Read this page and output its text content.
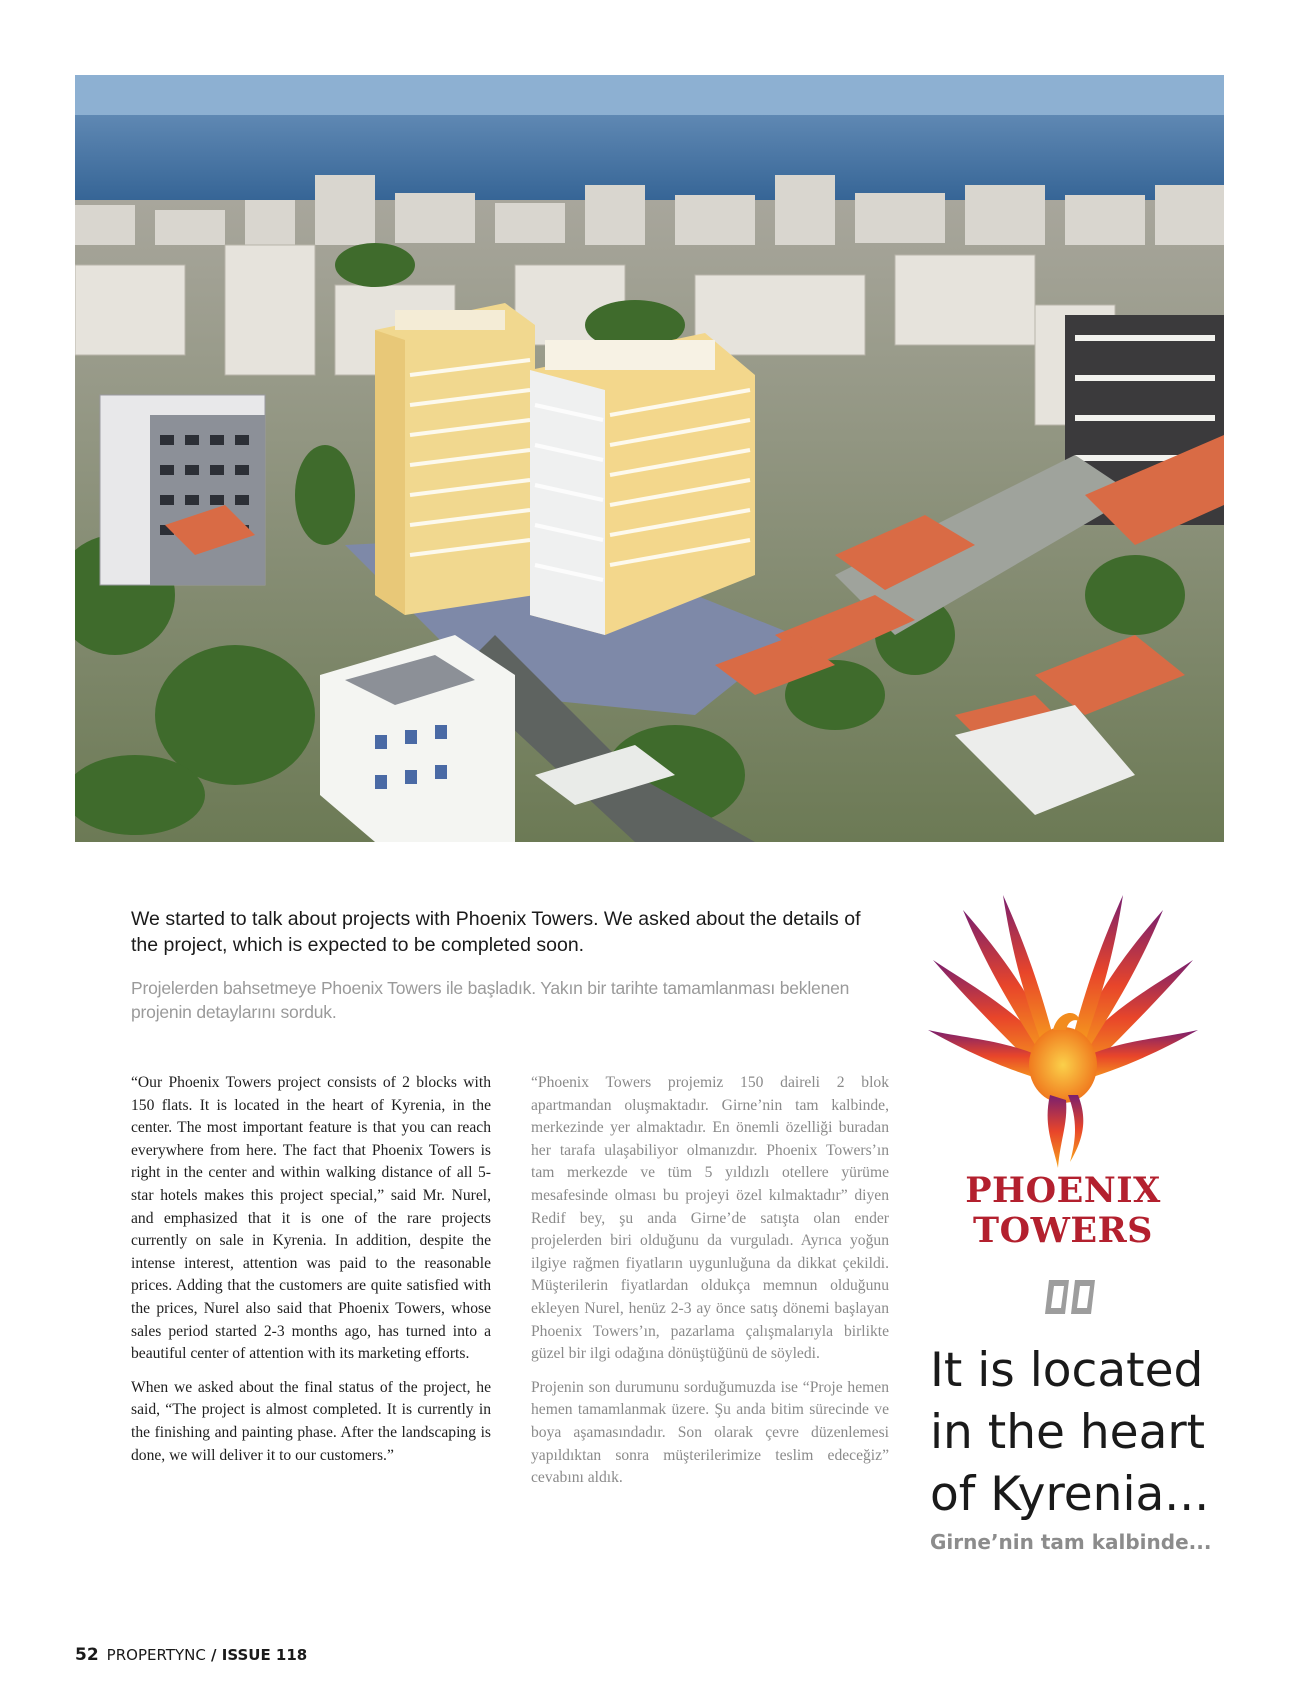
We started to talk about projects with Phoenix Towers. We asked about the details of the project, which is expected to be completed soon.

Projelerden bahsetmeye Phoenix Towers ile başladık. Yakın bir tarihte tamamlanması beklenen projenin detaylarını sorduk.

“Our Phoenix Towers project consists of 2 blocks with 150 flats. It is located in the heart of Kyrenia, in the center. The most important feature is that you can reach everywhere from here. The fact that Phoenix Towers is right in the center and within walking distance of all 5-star hotels makes this project special,” said Mr. Nurel, and emphasized that it is one of the rare projects currently on sale in Kyrenia. In addition, despite the intense interest, attention was paid to the reasonable prices. Adding that the customers are quite satisfied with the prices, Nurel also said that Phoenix Towers, whose sales period started 2-3 months ago, has turned into a beautiful center of attention with its marketing efforts.

When we asked about the final status of the project, he said, “The project is almost completed. It is currently in the finishing and painting phase. After the landscaping is done, we will deliver it to our customers.”

“Phoenix Towers projemiz 150 daireli 2 blok apartmandan oluşmaktadır. Girne’nin tam kalbinde, merkezinde yer almaktadır. En önemli özelliği buradan her tarafa ulaşabiliyor olmanızdır. Phoenix Towers’ın tam merkezde ve tüm 5 yıldızlı otellere yürüme mesafesinde olması bu projeyi özel kılmaktadır” diyen Redif bey, şu anda Girne’de satışta olan ender projelerden biri olduğunu da vurguladı. Ayrıca yoğun ilgiye rağmen fiyatların uygunluğuna da dikkat çekildi. Müşterilerin fiyatlardan oldukça memnun olduğunu ekleyen Nurel, henüz 2-3 ay önce satış dönemi başlayan Phoenix Towers’ın, pazarlama çalışmalarıyla birlikte güzel bir ilgi odağına dönüştüğünü de söyledi.

Projenin son durumunu sorduğumuzda ise “Proje hemen hemen tamamlanmak üzere. Şu anda bitim sürecinde ve boya aşamasındadır. Son olarak çevre düzenlemesi yapıldıktan sonra müşterilerimize teslim edeceğiz” cevabını aldık.

PHOENIX
TOWERS

It is located
in the heart
of Kyrenia...

Girne’nin tam kalbinde...
52 PROPERTYNC / ISSUE 118
